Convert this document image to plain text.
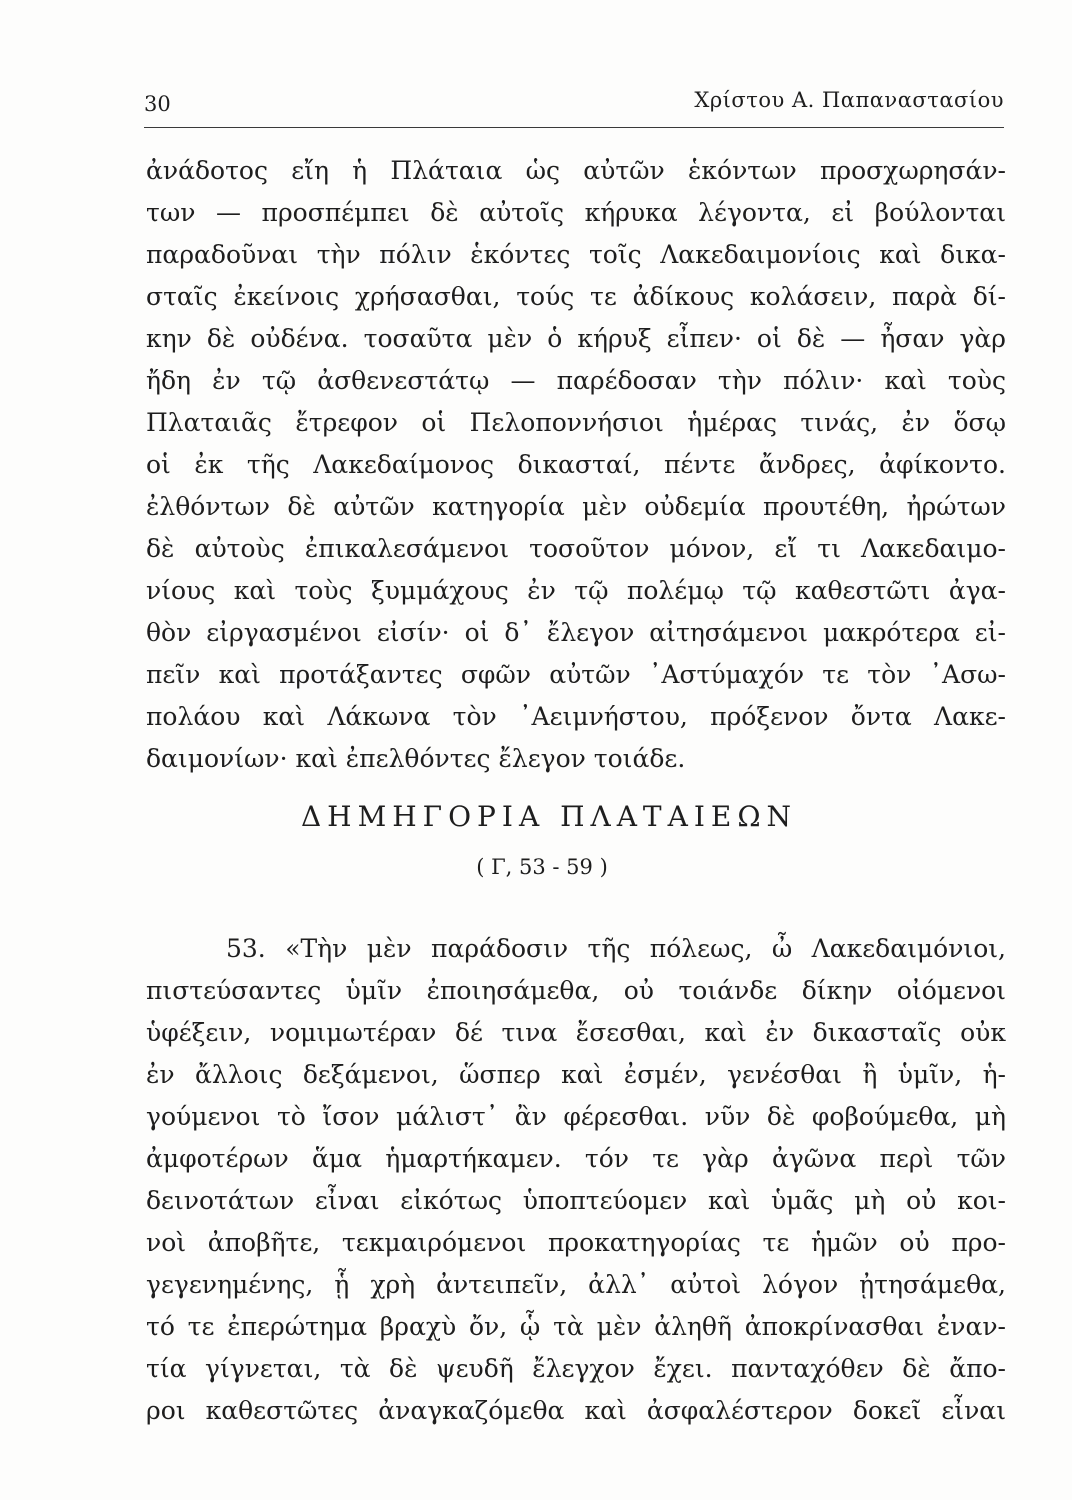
30	Χρίστου Α. Παπαναστασίου
ἀνάδοτος εἴη ἡ Πλάταια ὡς αὐτῶν ἑκόντων προσχωρησάν-
των — προσπέμπει δὲ αὐτοῖς κήρυκα λέγοντα, εἰ βούλονται
παραδοῦναι τὴν πόλιν ἑκόντες τοῖς Λακεδαιμονίοις καὶ δικα-
σταῖς ἐκείνοις χρήσασθαι, τούς τε ἀδίκους κολάσειν, παρὰ δί-
κην δὲ οὐδένα. τοσαῦτα μὲν ὁ κήρυξ εἶπεν· οἱ δὲ — ἦσαν γὰρ
ἤδη ἐν τῷ ἀσθενεστάτῳ — παρέδοσαν τὴν πόλιν· καὶ τοὺς
Πλαταιᾶς ἔτρεφον οἱ Πελοποννήσιοι ἡμέρας τινάς, ἐν ὅσῳ
οἱ ἐκ τῆς Λακεδαίμονος δικασταί, πέντε ἄνδρες, ἀφίκοντο.
ἐλθόντων δὲ αὐτῶν κατηγορία μὲν οὐδεμία προυτέθη, ἠρώτων
δὲ αὐτοὺς ἐπικαλεσάμενοι τοσοῦτον μόνον, εἴ τι Λακεδαιμο-
νίους καὶ τοὺς ξυμμάχους ἐν τῷ πολέμῳ τῷ καθεστῶτι ἀγα-
θὸν εἰργασμένοι εἰσίν· οἱ δ᾿ ἔλεγον αἰτησάμενοι μακρότερα εἰ-
πεῖν καὶ προτάξαντες σφῶν αὐτῶν ᾿Αστύμαχόν τε τὸν ᾿Ασω-
πολάου καὶ Λάκωνα τὸν ᾿Αειμνήστου, πρόξενον ὄντα Λακε-
δαιμονίων· καὶ ἐπελθόντες ἔλεγον τοιάδε.
ΔΗΜΗΓΟΡΙΑ ΠΛΑΤΑΙΕΩΝ
( Γ, 53 - 59 )
53. «Τὴν μὲν παράδοσιν τῆς πόλεως, ὦ Λακεδαιμόνιοι,
πιστεύσαντες ὑμῖν ἐποιησάμεθα, οὐ τοιάνδε δίκην οἰόμενοι
ὑφέξειν, νομιμωτέραν δέ τινα ἔσεσθαι, καὶ ἐν δικασταῖς οὐκ
ἐν ἄλλοις δεξάμενοι, ὥσπερ καὶ ἐσμέν, γενέσθαι ἢ ὑμῖν, ἡ-
γούμενοι τὸ ἴσον μάλιστ᾿ ἂν φέρεσθαι. νῦν δὲ φοβούμεθα, μὴ
ἀμφοτέρων ἅμα ἡμαρτήκαμεν. τόν τε γὰρ ἀγῶνα περὶ τῶν
δεινοτάτων εἶναι εἰκότως ὑποπτεύομεν καὶ ὑμᾶς μὴ οὐ κοι-
νοὶ ἀποβῆτε, τεκμαιρόμενοι προκατηγορίας τε ἡμῶν οὐ προ-
γεγενημένης, ᾗ χρὴ ἀντειπεῖν, ἀλλ᾿ αὐτοὶ λόγον ᾐτησάμεθα,
τό τε ἐπερώτημα βραχὺ ὄν, ᾧ τὰ μὲν ἀληθῆ ἀποκρίνασθαι ἐναν-
τία γίγνεται, τὰ δὲ ψευδῆ ἔλεγχον ἔχει. πανταχόθεν δὲ ἄπο-
ροι καθεστῶτες ἀναγκαζόμεθα καὶ ἀσφαλέστερον δοκεῖ εἶναι
